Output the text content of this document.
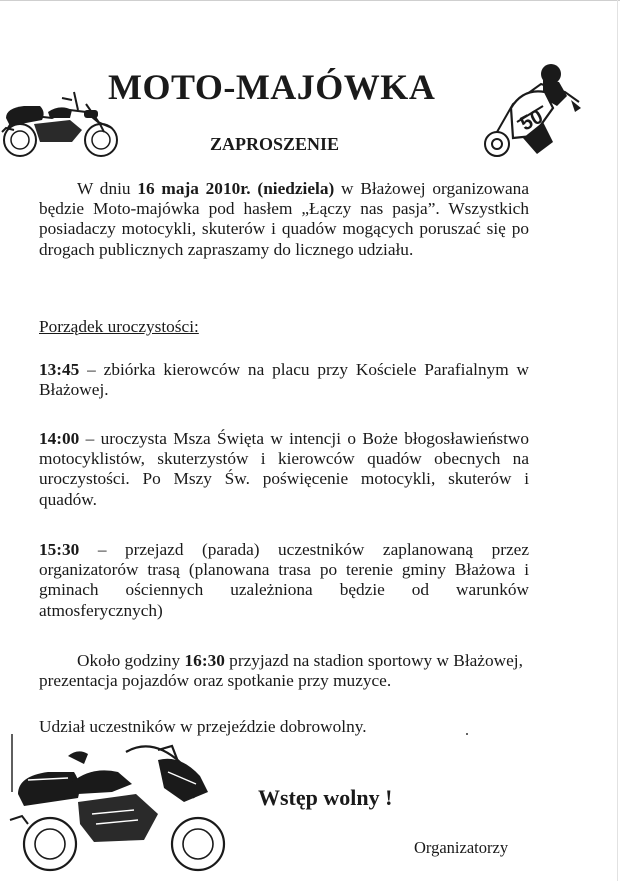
50
MOTO-MAJÓWKA
ZAPROSZENIE
W dniu 16 maja 2010r. (niedziela) w Błażowej organizowana będzie Moto-majówka pod hasłem „Łączy nas pasja”. Wszystkich posiadaczy motocykli, skuterów i quadów mogących poruszać się po drogach publicznych zapraszamy do licznego udziału.
Porządek uroczystości:
13:45 – zbiórka kierowców na placu przy Kościele Parafialnym w Błażowej.
14:00 – uroczysta Msza Święta w intencji o Boże błogosławieństwo motocyklistów, skuterzystów i kierowców quadów obecnych na uroczystości. Po Mszy Św. poświęcenie motocykli, skuterów i quadów.
15:30 – przejazd (parada) uczestników zaplanowaną przez organizatorów trasą (planowana trasa po terenie gminy Błażowa i gminach ościennych uzależniona będzie od warunków atmosferycznych)
Około godziny 16:30 przyjazd na stadion sportowy w Błażowej, prezentacja pojazdów oraz spotkanie przy muzyce.
Udział uczestników w przejeździe dobrowolny.
Wstęp wolny !
Organizatorzy
